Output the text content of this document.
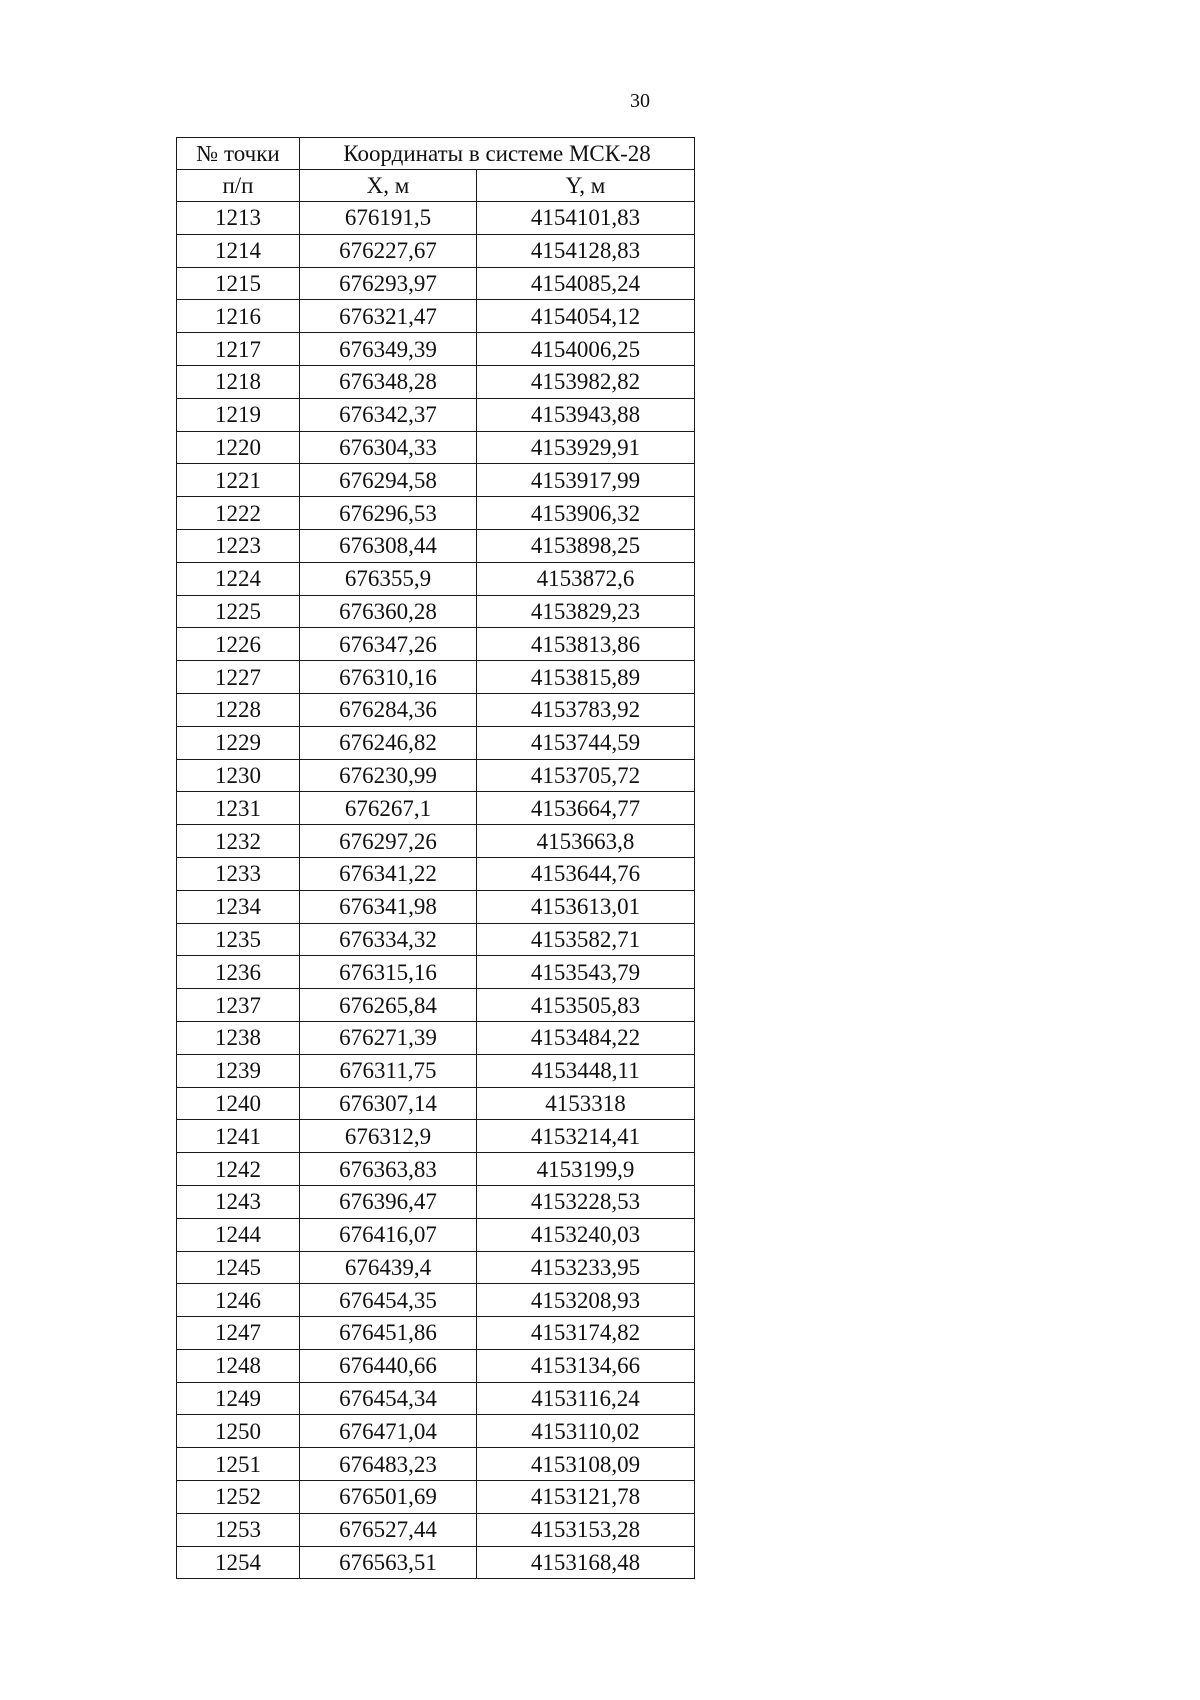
30
№ точки	Координаты в системе МСК-28	
п/п	X, м	Y, м
1213	676191,5	4154101,83
1214	676227,67	4154128,83
1215	676293,97	4154085,24
1216	676321,47	4154054,12
1217	676349,39	4154006,25
1218	676348,28	4153982,82
1219	676342,37	4153943,88
1220	676304,33	4153929,91
1221	676294,58	4153917,99
1222	676296,53	4153906,32
1223	676308,44	4153898,25
1224	676355,9	4153872,6
1225	676360,28	4153829,23
1226	676347,26	4153813,86
1227	676310,16	4153815,89
1228	676284,36	4153783,92
1229	676246,82	4153744,59
1230	676230,99	4153705,72
1231	676267,1	4153664,77
1232	676297,26	4153663,8
1233	676341,22	4153644,76
1234	676341,98	4153613,01
1235	676334,32	4153582,71
1236	676315,16	4153543,79
1237	676265,84	4153505,83
1238	676271,39	4153484,22
1239	676311,75	4153448,11
1240	676307,14	4153318
1241	676312,9	4153214,41
1242	676363,83	4153199,9
1243	676396,47	4153228,53
1244	676416,07	4153240,03
1245	676439,4	4153233,95
1246	676454,35	4153208,93
1247	676451,86	4153174,82
1248	676440,66	4153134,66
1249	676454,34	4153116,24
1250	676471,04	4153110,02
1251	676483,23	4153108,09
1252	676501,69	4153121,78
1253	676527,44	4153153,28
1254	676563,51	4153168,48
